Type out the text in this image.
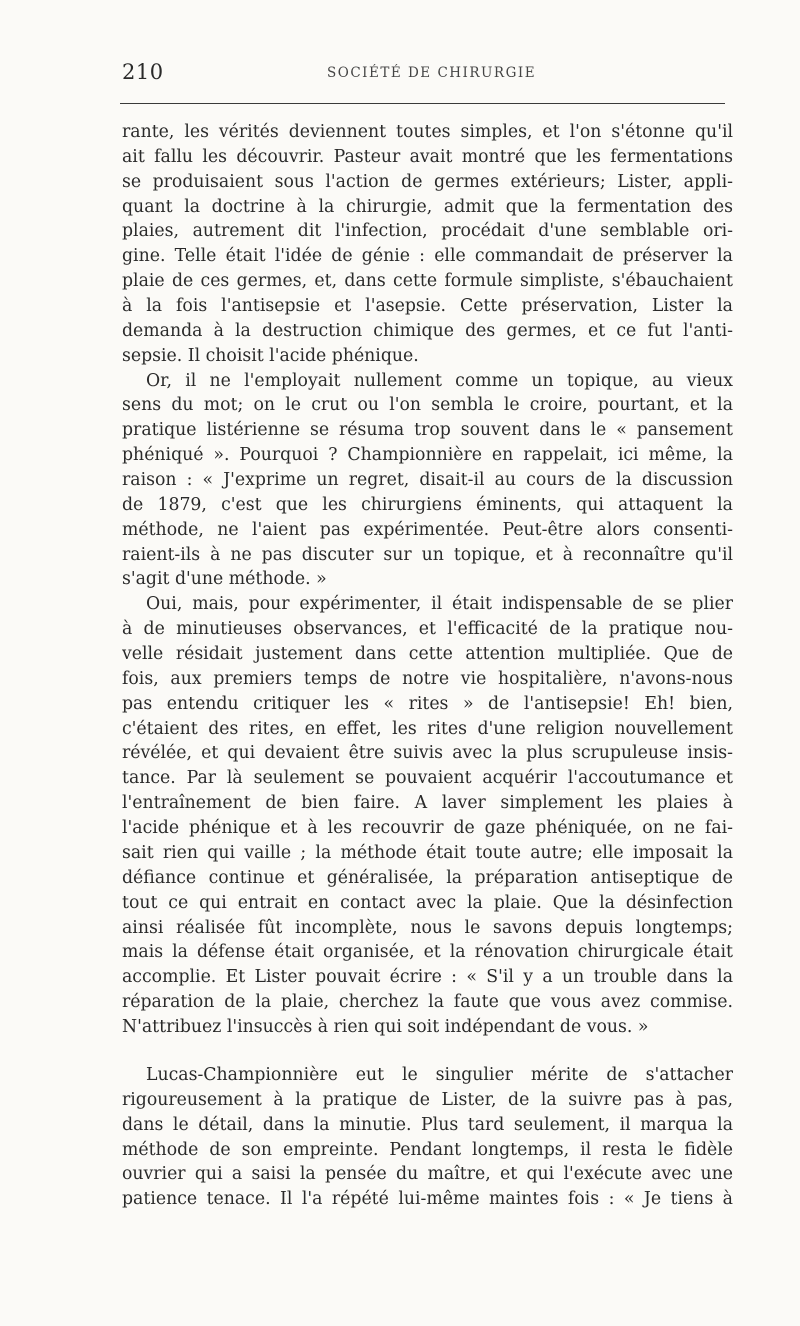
210	SOCIÉTÉ DE CHIRURGIE
rante, les vérités deviennent toutes simples, et l'on s'étonne qu'il
ait fallu les découvrir. Pasteur avait montré que les fermentations
se produisaient sous l'action de germes extérieurs; Lister, appli-
quant la doctrine à la chirurgie, admit que la fermentation des
plaies, autrement dit l'infection, procédait d'une semblable ori-
gine. Telle était l'idée de génie : elle commandait de préserver la
plaie de ces germes, et, dans cette formule simpliste, s'ébauchaient
à la fois l'antisepsie et l'asepsie. Cette préservation, Lister la
demanda à la destruction chimique des germes, et ce fut l'anti-
sepsie. Il choisit l'acide phénique.
Or, il ne l'employait nullement comme un topique, au vieux
sens du mot; on le crut ou l'on sembla le croire, pourtant, et la
pratique listérienne se résuma trop souvent dans le « pansement
phéniqué ». Pourquoi ? Championnière en rappelait, ici même, la
raison : « J'exprime un regret, disait-il au cours de la discussion
de 1879, c'est que les chirurgiens éminents, qui attaquent la
méthode, ne l'aient pas expérimentée. Peut-être alors consenti-
raient-ils à ne pas discuter sur un topique, et à reconnaître qu'il
s'agit d'une méthode. »
Oui, mais, pour expérimenter, il était indispensable de se plier
à de minutieuses observances, et l'efficacité de la pratique nou-
velle résidait justement dans cette attention multipliée. Que de
fois, aux premiers temps de notre vie hospitalière, n'avons-nous
pas entendu critiquer les « rites » de l'antisepsie! Eh! bien,
c'étaient des rites, en effet, les rites d'une religion nouvellement
révélée, et qui devaient être suivis avec la plus scrupuleuse insis-
tance. Par là seulement se pouvaient acquérir l'accoutumance et
l'entraînement de bien faire. A laver simplement les plaies à
l'acide phénique et à les recouvrir de gaze phéniquée, on ne fai-
sait rien qui vaille ; la méthode était toute autre; elle imposait la
défiance continue et généralisée, la préparation antiseptique de
tout ce qui entrait en contact avec la plaie. Que la désinfection
ainsi réalisée fût incomplète, nous le savons depuis longtemps;
mais la défense était organisée, et la rénovation chirurgicale était
accomplie. Et Lister pouvait écrire : « S'il y a un trouble dans la
réparation de la plaie, cherchez la faute que vous avez commise.
N'attribuez l'insuccès à rien qui soit indépendant de vous. »
Lucas-Championnière eut le singulier mérite de s'attacher
rigoureusement à la pratique de Lister, de la suivre pas à pas,
dans le détail, dans la minutie. Plus tard seulement, il marqua la
méthode de son empreinte. Pendant longtemps, il resta le fidèle
ouvrier qui a saisi la pensée du maître, et qui l'exécute avec une
patience tenace. Il l'a répété lui-même maintes fois : « Je tiens à
